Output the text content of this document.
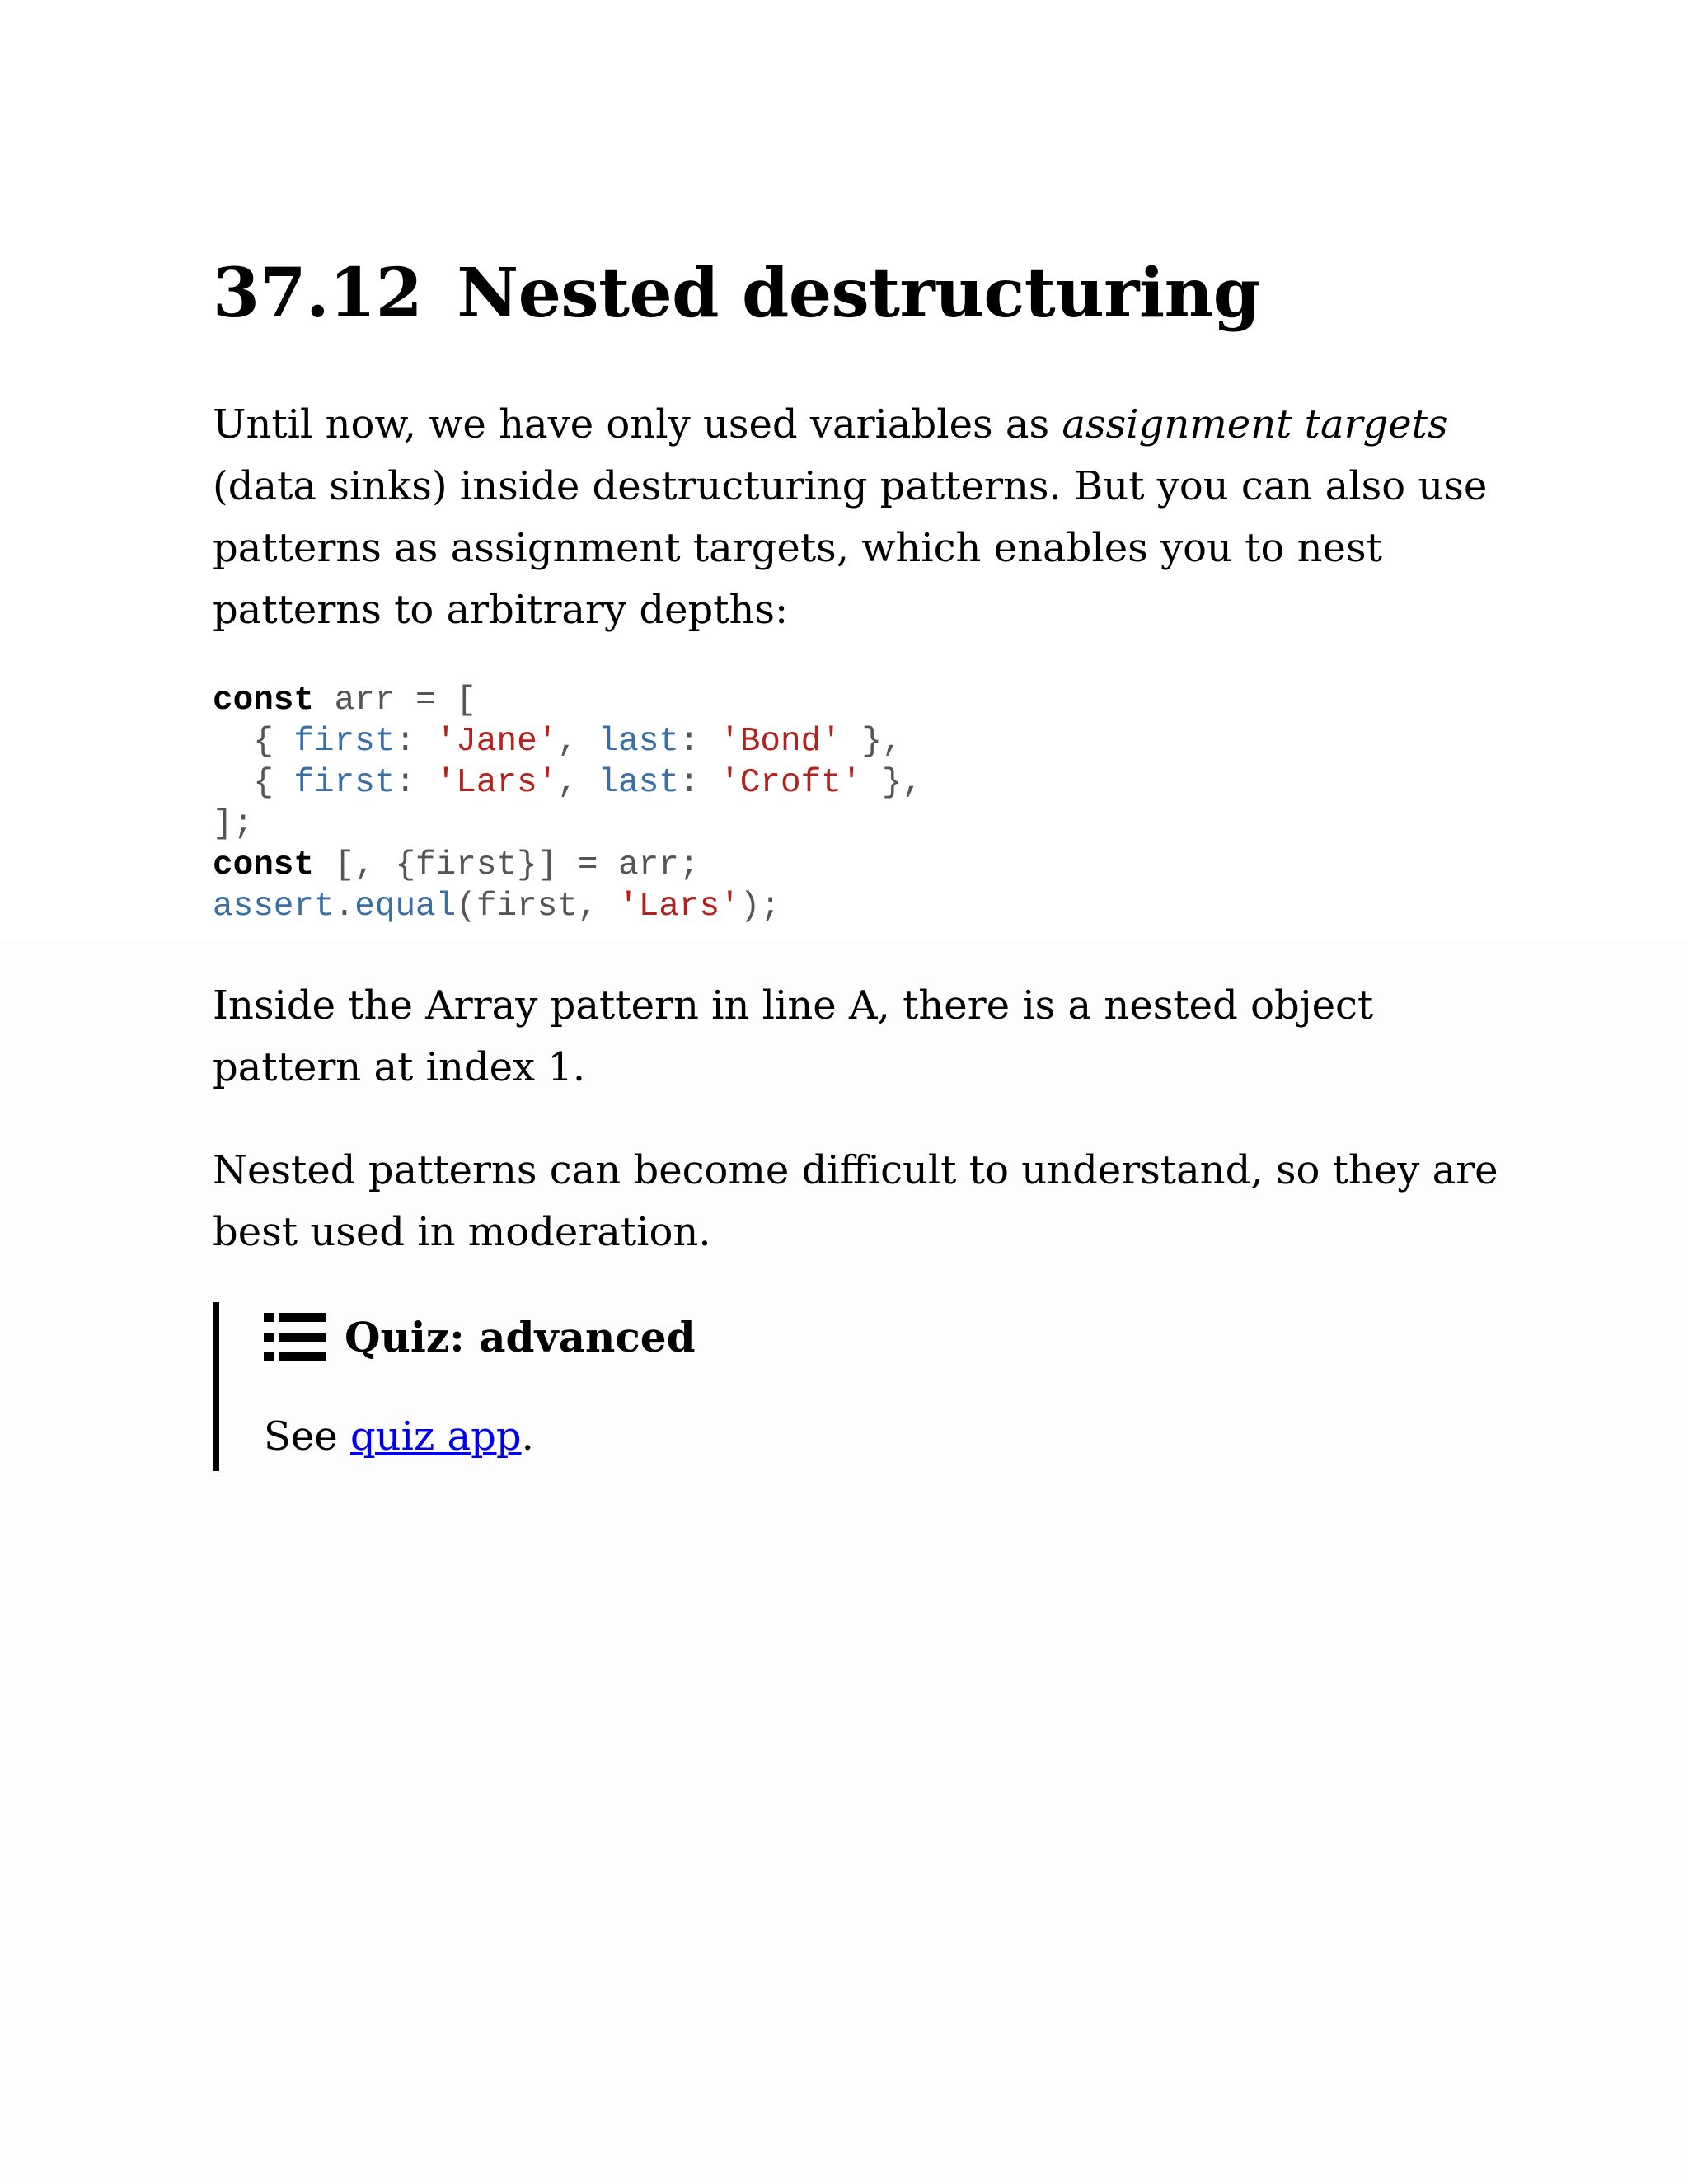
37.12 Nested destructuring

Until now, we have only used variables as assignment targets (data sinks) inside destructuring patterns. But you can also use patterns as assignment targets, which enables you to nest patterns to arbitrary depths:

const arr = [
{ first: 'Jane', last: 'Bond' },
{ first: 'Lars', last: 'Croft' },
];
const [, {first}] = arr;
assert.equal(first, 'Lars');

Inside the Array pattern in line A, there is a nested object pattern at index 1.

Nested patterns can become difficult to understand, so they are best used in moderation.

Quiz: advanced
See quiz app.
